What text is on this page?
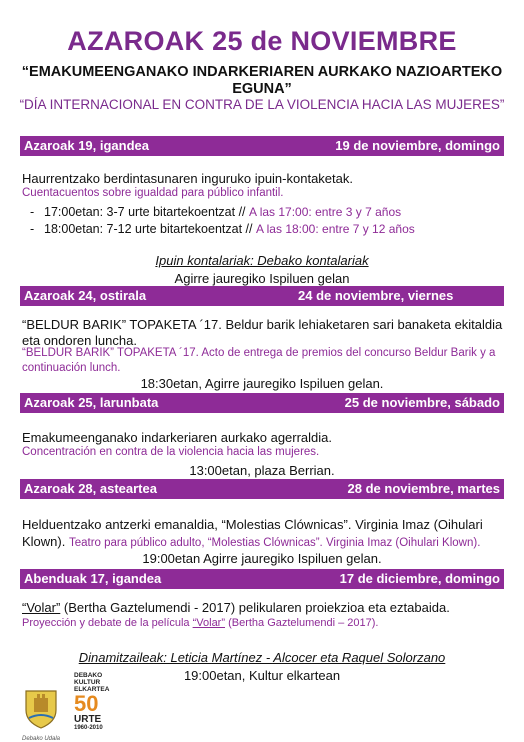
AZAROAK 25 de NOVIEMBRE
“EMAKUMEENGANAKO INDARKERIAREN AURKAKO NAZIOARTEKO EGUNA”
“DÍA INTERNACIONAL EN CONTRA DE LA VIOLENCIA HACIA LAS MUJERES”
Azaroak 19, igandea	19 de noviembre, domingo
Haurrentzako berdintasunaren inguruko ipuin-kontaketak.
Cuentacuentos sobre igualdad para público infantil.
- 17:00etan: 3-7 urte bitartekoentzat // A las 17:00: entre 3 y 7 años
- 18:00etan: 7-12 urte bitartekoentzat // A las 18:00: entre 7 y 12 años
Ipuin kontalariak: Debako kontalariak
Agirre jauregiko Ispiluen gelan
Azaroak 24, ostirala	24 de noviembre, viernes
“BELDUR BARIK” TOPAKETA ´17. Beldur barik lehiaketaren sari banaketa ekitaldia eta ondoren luncha.
“BELDUR BARIK” TOPAKETA ´17. Acto de entrega de premios del concurso Beldur Barik y a continuación lunch.
18:30etan, Agirre jauregiko Ispiluen gelan.
Azaroak 25, larunbata	25 de noviembre, sábado
Emakumeenganako indarkeriaren aurkako agerraldia.
Concentración en contra de la violencia hacia las mujeres.
13:00etan, plaza Berrian.
Azaroak 28, asteartea	28 de noviembre, martes
Helduentzako antzerki emanaldia, “Molestias Clównicas”. Virginia Imaz (Oihulari Klown). Teatro para público adulto, “Molestias Clównicas”. Virginia Imaz (Oihulari Klown).
19:00etan Agirre jauregiko Ispiluen gelan.
Abenduak 17, igandea	17 de diciembre, domingo
“Volar” (Bertha Gaztelumendi - 2017) pelikularen proiekzioa eta eztabaida.
Proyección y debate de la película “Volar” (Bertha Gaztelumendi – 2017).
Dinamitzaileak: Leticia Martínez - Alcocer eta Raquel Solorzano
19:00etan, Kultur elkartean
Debako Udala
DEBAKO
KULTUR
ELKARTEA
50
URTE
1960-2010
